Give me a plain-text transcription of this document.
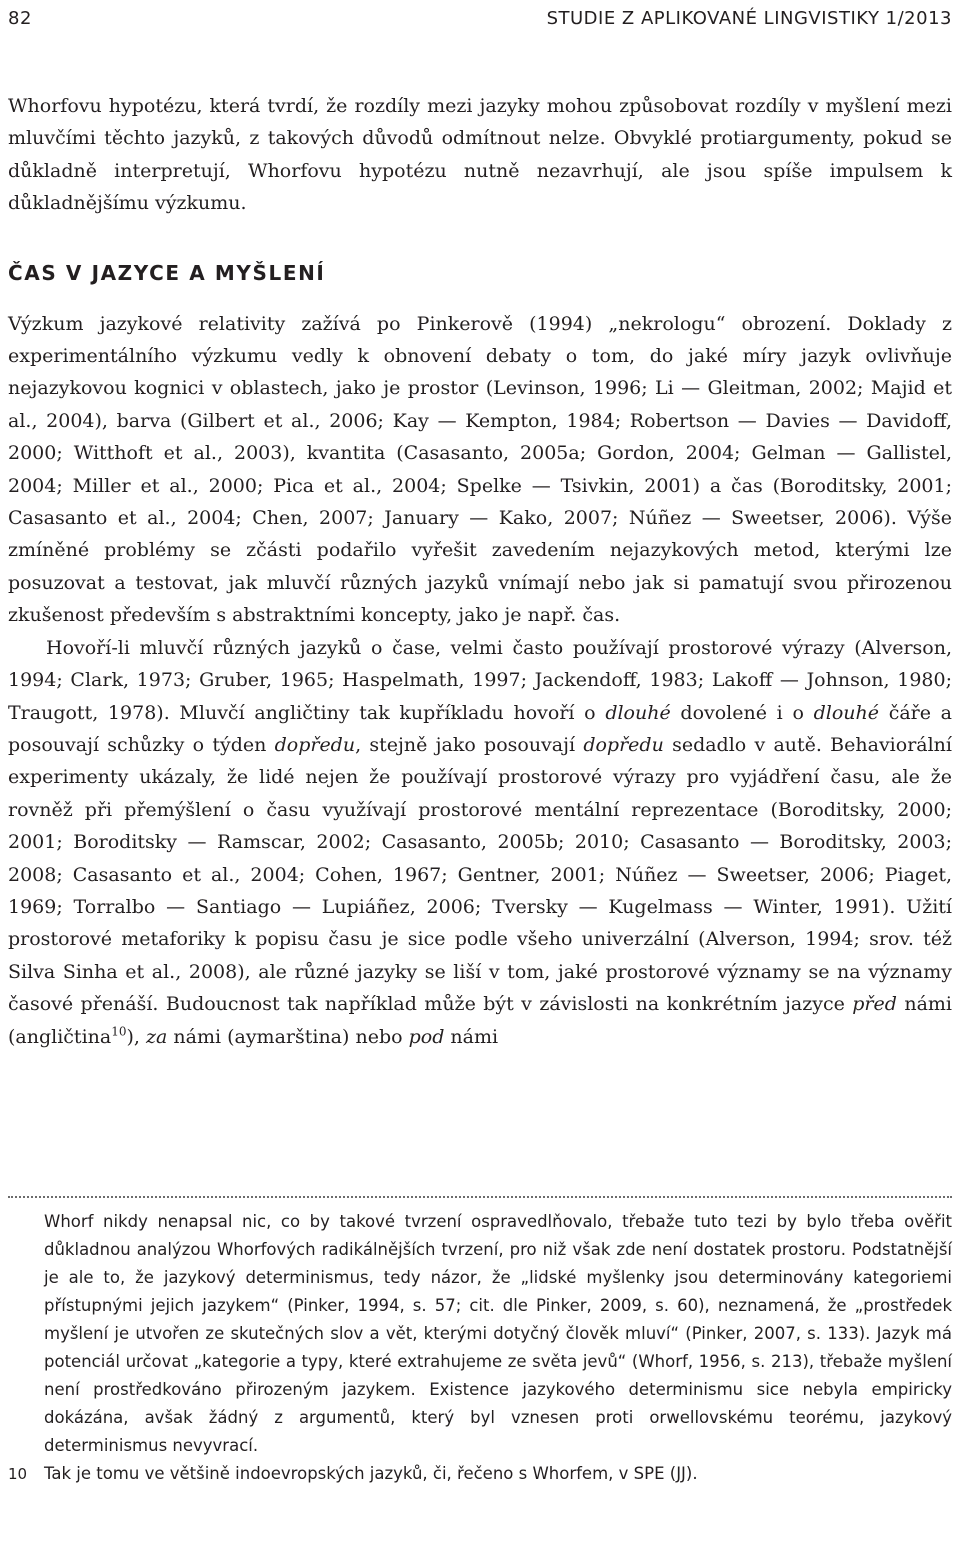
82	STUDIE Z APLIKOVANÉ LINGVISTIKY 1/2013

Whorfovu hypotézu, která tvrdí, že rozdíly mezi jazyky mohou způsobovat rozdíly v myšlení mezi mluvčími těchto jazyků, z takových důvodů odmítnout nelze. Obvyklé protiargumenty, pokud se důkladně interpretují, Whorfovu hypotézu nutně nezavrhují, ale jsou spíše impulsem k důkladnějšímu výzkumu.

ČAS V JAZYCE A MYŠLENÍ

Výzkum jazykové relativity zažívá po Pinkerově (1994) „nekrologu“ obrození. Doklady z experimentálního výzkumu vedly k obnovení debaty o tom, do jaké míry jazyk ovlivňuje nejazykovou kognici v oblastech, jako je prostor (Levinson, 1996; Li — Gleitman, 2002; Majid et al., 2004), barva (Gilbert et al., 2006; Kay — Kempton, 1984; Robertson — Davies — Davidoff, 2000; Witthoft et al., 2003), kvantita (Casasanto, 2005a; Gordon, 2004; Gelman — Gallistel, 2004; Miller et al., 2000; Pica et al., 2004; Spelke — Tsivkin, 2001) a čas (Boroditsky, 2001; Casasanto et al., 2004; Chen, 2007; January — Kako, 2007; Núñez — Sweetser, 2006). Výše zmíněné problémy se zčásti podařilo vyřešit zavedením nejazykových metod, kterými lze posuzovat a testovat, jak mluvčí různých jazyků vnímají nebo jak si pamatují svou přirozenou zkušenost především s abstraktními koncepty, jako je např. čas.

Hovoří-li mluvčí různých jazyků o čase, velmi často používají prostorové výrazy (Alverson, 1994; Clark, 1973; Gruber, 1965; Haspelmath, 1997; Jackendoff, 1983; Lakoff — Johnson, 1980; Traugott, 1978). Mluvčí angličtiny tak kupříkladu hovoří o dlouhé dovolené i o dlouhé čáře a posouvají schůzky o týden dopředu, stejně jako posouvají dopředu sedadlo v autě. Behaviorální experimenty ukázaly, že lidé nejen že používají prostorové výrazy pro vyjádření času, ale že rovněž při přemýšlení o času využívají prostorové mentální reprezentace (Boroditsky, 2000; 2001; Boroditsky — Ramscar, 2002; Casasanto, 2005b; 2010; Casasanto — Boroditsky, 2003; 2008; Casasanto et al., 2004; Cohen, 1967; Gentner, 2001; Núñez — Sweetser, 2006; Piaget, 1969; Torralbo — Santiago — Lupiáñez, 2006; Tversky — Kugelmass — Winter, 1991). Užití prostorové metaforiky k popisu času je sice podle všeho univerzální (Alverson, 1994; srov. též Silva Sinha et al., 2008), ale různé jazyky se liší v tom, jaké prostorové významy se na významy časové přenáší. Budoucnost tak například může být v závislosti na konkrétním jazyce před námi (angličtina$^{10}$), za námi (aymarština) nebo pod námi

Whorf nikdy nenapsal nic, co by takové tvrzení ospravedlňovalo, třebaže tuto tezi by bylo třeba ověřit důkladnou analýzou Whorfových radikálnějších tvrzení, pro niž však zde není dostatek prostoru. Podstatnější je ale to, že jazykový determinismus, tedy názor, že „lidské myšlenky jsou determinovány kategoriemi přístupnými jejich jazykem“ (Pinker, 1994, s. 57; cit. dle Pinker, 2009, s. 60), neznamená, že „prostředek myšlení je utvořen ze skutečných slov a vět, kterými dotyčný člověk mluví“ (Pinker, 2007, s. 133). Jazyk má potenciál určovat „kategorie a typy, které extrahujeme ze světa jevů“ (Whorf, 1956, s. 213), třebaže myšlení není prostředkováno přirozeným jazykem. Existence jazykového determinismu sice nebyla empiricky dokázána, avšak žádný z argumentů, který byl vznesen proti orwellovskému teorému, jazykový determinismus nevyvrací.
10	Tak je tomu ve většině indoevropských jazyků, či, řečeno s Whorfem, v SPE (JJ).
